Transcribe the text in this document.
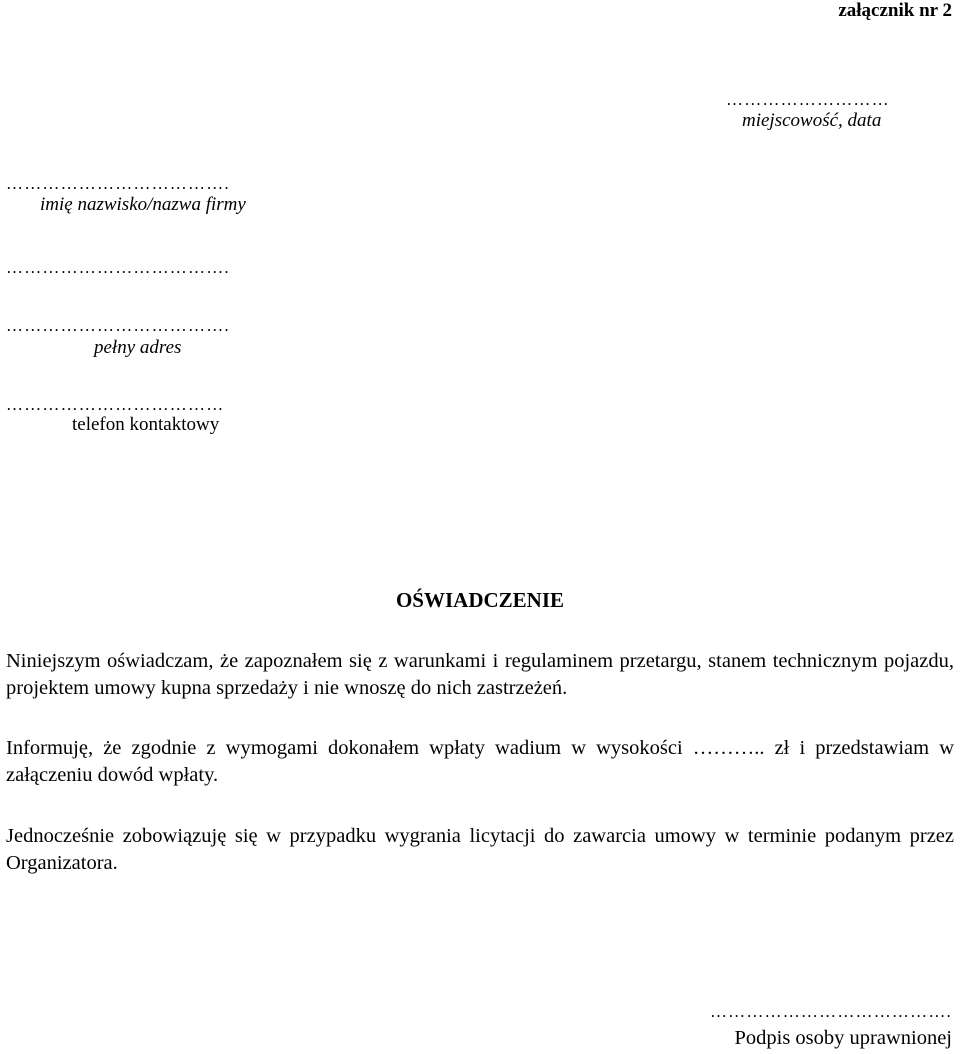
załącznik nr 2
………………………
miejscowość, data
……………………………….
imię nazwisko/nazwa firmy
……………………………….
……………………………….
pełny adres
………………………………
telefon kontaktowy
OŚWIADCZENIE
Niniejszym oświadczam, że zapoznałem się z warunkami i regulaminem przetargu, stanem technicznym pojazdu, projektem umowy kupna sprzedaży i nie wnoszę do nich zastrzeżeń.
Informuję, że zgodnie z wymogami dokonałem wpłaty wadium w wysokości ……….. zł i przedstawiam w załączeniu dowód wpłaty.
Jednocześnie zobowiązuję się w przypadku wygrania licytacji do zawarcia umowy w terminie podanym przez Organizatora.
………………………………….
Podpis osoby uprawnionej
